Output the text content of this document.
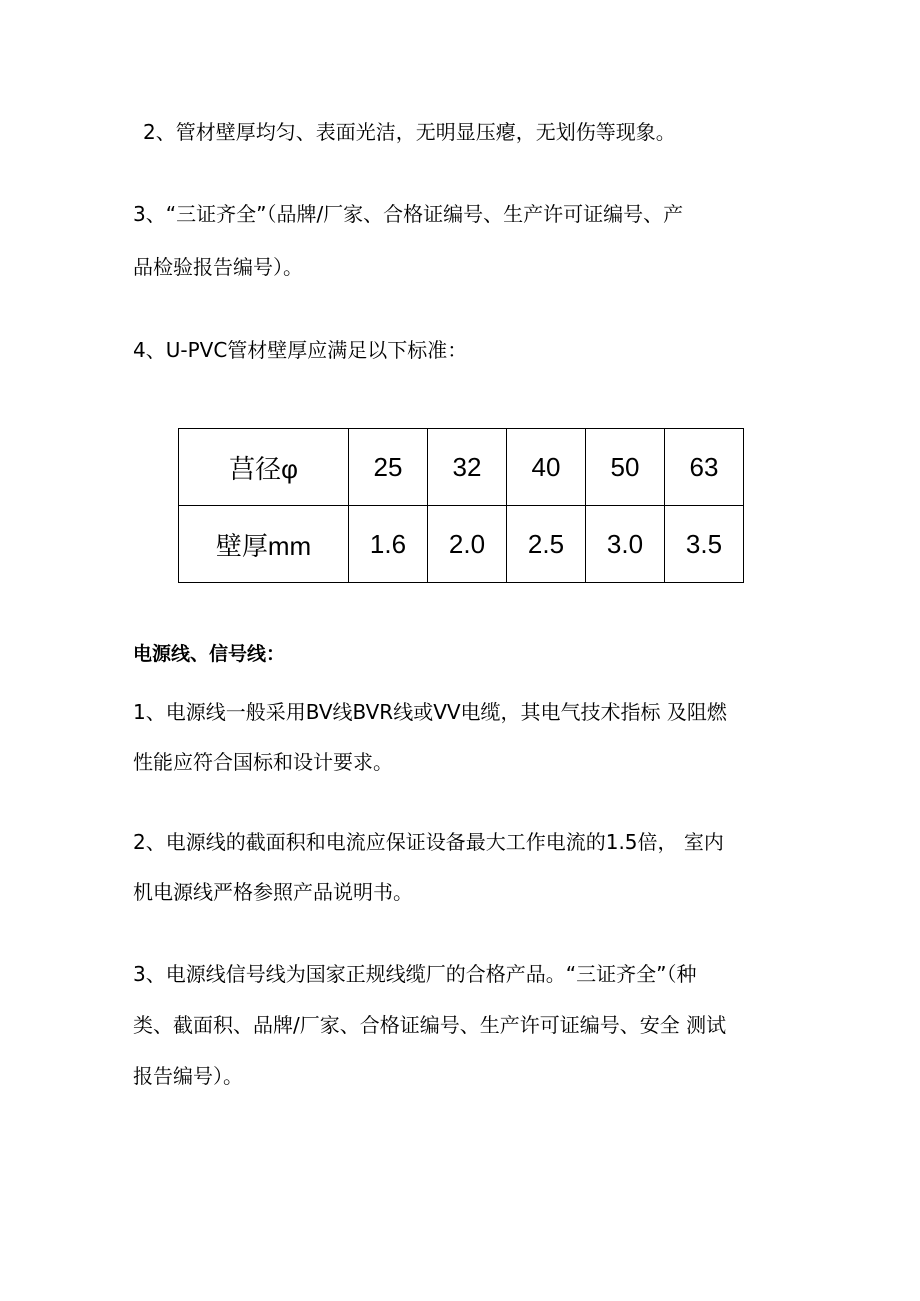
2、管材壁厚均匀、表面光洁，无明显压瘪，无划伤等现象。

3、“三证齐全”（品牌/厂家、合格证编号、生产许可证编号、产

品检验报告编号）。

4、U-PVC管材壁厚应满足以下标准：

莒径φ	25	32	40	50	63
壁厚mm	1.6	2.0	2.5	3.0	3.5

电源线、信号线：

1、电源线一般采用BV线BVR线或VV电缆，其电气技术指标 及阻燃

性能应符合国标和设计要求。

2、电源线的截面积和电流应保证设备最大工作电流的1.5倍， 室内

机电源线严格参照产品说明书。

3、电源线信号线为国家正规线缆厂的合格产品。“三证齐全”（种

类、截面积、品牌/厂家、合格证编号、生产许可证编号、安全 测试

报告编号）。
